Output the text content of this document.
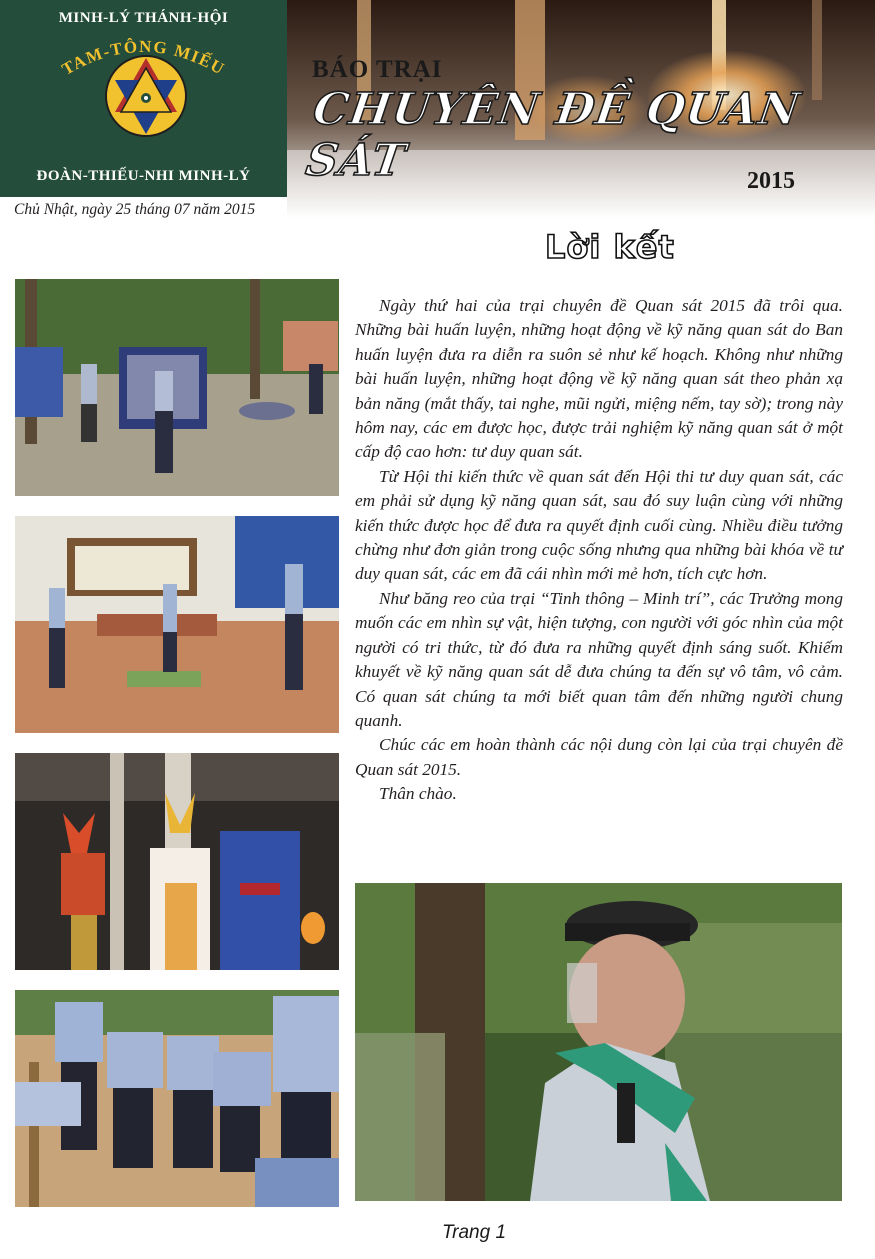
MINH-LÝ THÁNH-HỘI
TAM-TÔNG MIẾU
ĐOÀN-THIẾU-NHI MINH-LÝ
Chủ Nhật, ngày 25 tháng 07 năm 2015
BÁO TRẠI
CHUYÊN ĐỀ QUAN SÁT	2015
Lời kết

Ngày thứ hai của trại chuyên đề Quan sát 2015 đã trôi qua. Những bài huấn luyện, những hoạt động về kỹ năng quan sát do Ban huấn luyện đưa ra diễn ra suôn sẻ như kế hoạch. Không như những bài huấn luyện, những hoạt động về kỹ năng quan sát theo phản xạ bản năng (mắt thấy, tai nghe, mũi ngửi, miệng nếm, tay sờ); trong này hôm nay, các em được học, được trải nghiệm kỹ năng quan sát ở một cấp độ cao hơn: tư duy quan sát.

Từ Hội thi kiến thức về quan sát đến Hội thi tư duy quan sát, các em phải sử dụng kỹ năng quan sát, sau đó suy luận cùng với những kiến thức được học để đưa ra quyết định cuối cùng. Nhiều điều tưởng chừng như đơn giản trong cuộc sống nhưng qua những bài khóa về tư duy quan sát, các em đã cái nhìn mới mẻ hơn, tích cực hơn.

Như băng reo của trại “Tinh thông – Minh trí”, các Trưởng mong muốn các em nhìn sự vật, hiện tượng, con người với góc nhìn của một người có tri thức, từ đó đưa ra những quyết định sáng suốt. Khiếm khuyết về kỹ năng quan sát dễ đưa chúng ta đến sự vô tâm, vô cảm. Có quan sát chúng ta mới biết quan tâm đến những người chung quanh.

Chúc các em hoàn thành các nội dung còn lại của trại chuyên đề Quan sát 2015.

Thân chào.

Trang 1
